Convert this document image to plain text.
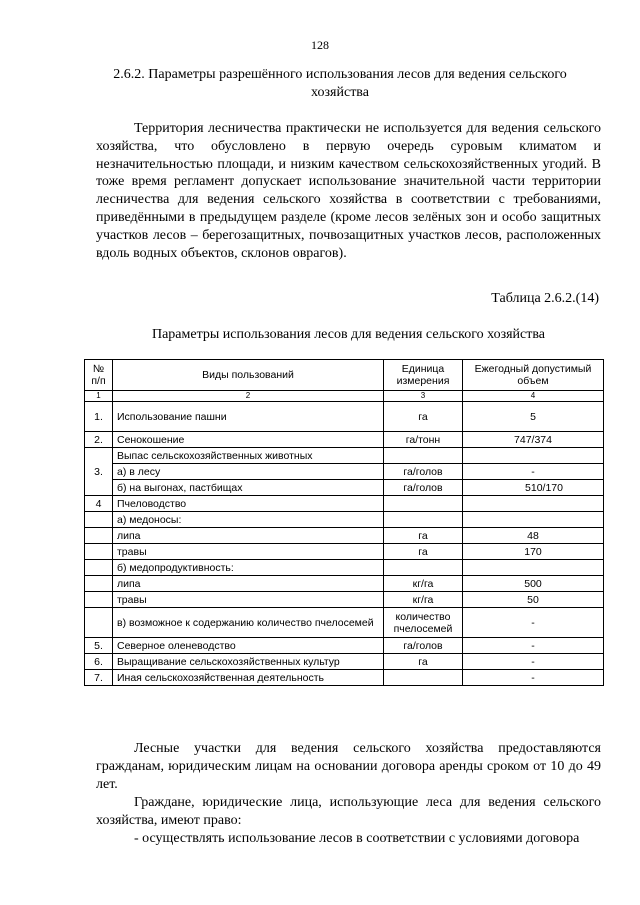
128
2.6.2. Параметры разрешённого использования лесов для ведения сельского хозяйства

Территория лесничества практически не используется для ведения сельского хозяйства, что обусловлено в первую очередь суровым климатом и незначительностью площади, и низким качеством сельскохозяйственных угодий. В тоже время регламент допускает использование значительной части территории лесничества для ведения сельского хозяйства в соответствии с требованиями, приведёнными в предыдущем разделе (кроме лесов зелёных зон и особо защитных участков лесов – берегозащитных, почвозащитных участков лесов, расположенных вдоль водных объектов, склонов оврагов).

Таблица 2.6.2.(14)
Параметры использования лесов для ведения сельского хозяйства
№ п/п	Виды пользований	Единица измерения	Ежегодный допустимый объем
1	2	3	4
1.	Использование пашни	га	5
2.	Сенокошение	га/тонн	747/374
3.	Выпас сельскохозяйственных животных		
	а) в лесу	га/голов	-
	б) на выгонах, пастбищах	га/голов	510/170
4	Пчеловодство		
	а) медоносы:		
	липа	га	48
	травы	га	170
	б) медопродуктивность:		
	липа	кг/га	500
	травы	кг/га	50
	в) возможное к содержанию количество пчелосемей	количество пчелосемей	-
5.	Северное оленеводство	га/голов	-
6.	Выращивание сельскохозяйственных культур	га	-
7.	Иная сельскохозяйственная деятельность		-

Лесные участки для ведения сельского хозяйства предоставляются гражданам, юридическим лицам на основании договора аренды сроком от 10 до 49 лет.

Граждане, юридические лица, использующие леса для ведения сельского хозяйства, имеют право:

- осуществлять использование лесов в соответствии с условиями договора
